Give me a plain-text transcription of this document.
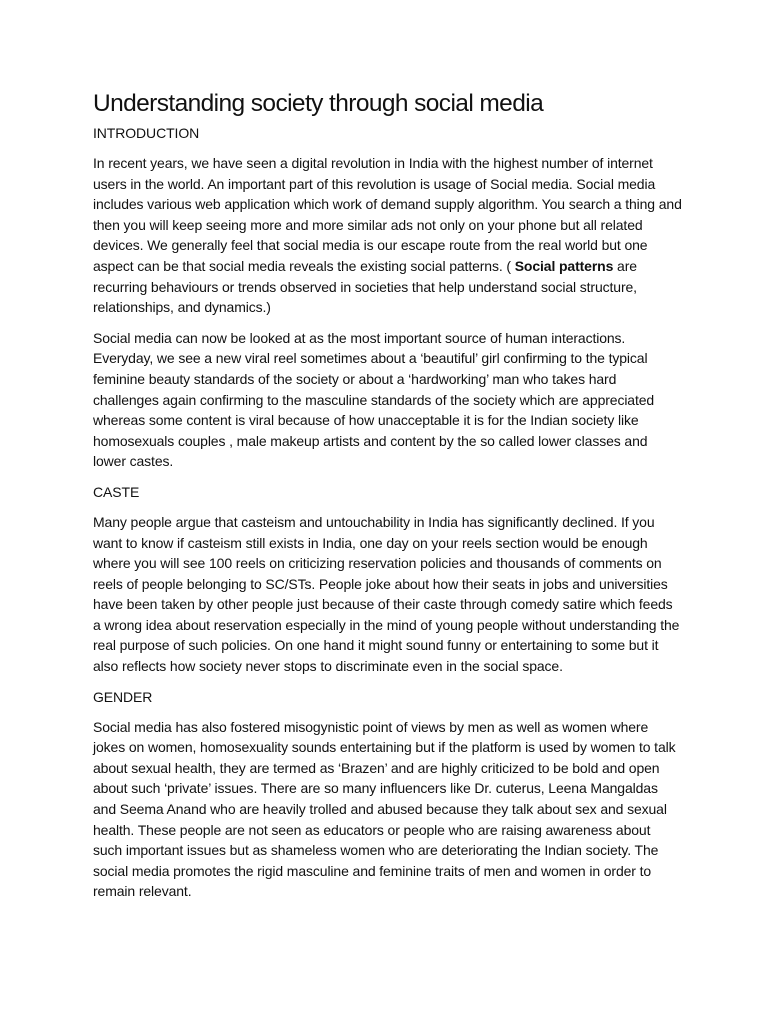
Understanding society through social media
INTRODUCTION

In recent years, we have seen a digital revolution in India with the highest number of internet users in the world. An important part of this revolution is usage of Social media. Social media includes various web application which work of demand supply algorithm. You search a thing and then you will keep seeing more and more similar ads not only on your phone but all related devices. We generally feel that social media is our escape route from the real world but one aspect can be that social media reveals the existing social patterns. ( Social patterns are recurring behaviours or trends observed in societies that help understand social structure, relationships, and dynamics.)

Social media can now be looked at as the most important source of human interactions. Everyday, we see a new viral reel sometimes about a ‘beautiful’ girl confirming to the typical feminine beauty standards of the society or about a ‘hardworking’ man who takes hard challenges again confirming to the masculine standards of the society which are appreciated whereas some content is viral because of how unacceptable it is for the Indian society like homosexuals couples , male makeup artists and content by the so called lower classes and lower castes.

CASTE

Many people argue that casteism and untouchability in India has significantly declined. If you want to know if casteism still exists in India, one day on your reels section would be enough where you will see 100 reels on criticizing reservation policies and thousands of comments on reels of people belonging to SC/STs. People joke about how their seats in jobs and universities have been taken by other people just because of their caste through comedy satire which feeds a wrong idea about reservation especially in the mind of young people without understanding the real purpose of such policies. On one hand it might sound funny or entertaining to some but it also reflects how society never stops to discriminate even in the social space.

GENDER

Social media has also fostered misogynistic point of views by men as well as women where jokes on women, homosexuality sounds entertaining but if the platform is used by women to talk about sexual health, they are termed as ‘Brazen’ and are highly criticized to be bold and open about such ‘private’ issues. There are so many influencers like Dr. cuterus, Leena Mangaldas and Seema Anand who are heavily trolled and abused because they talk about sex and sexual health. These people are not seen as educators or people who are raising awareness about such important issues but as shameless women who are deteriorating the Indian society. The social media promotes the rigid masculine and feminine traits of men and women in order to remain relevant.
